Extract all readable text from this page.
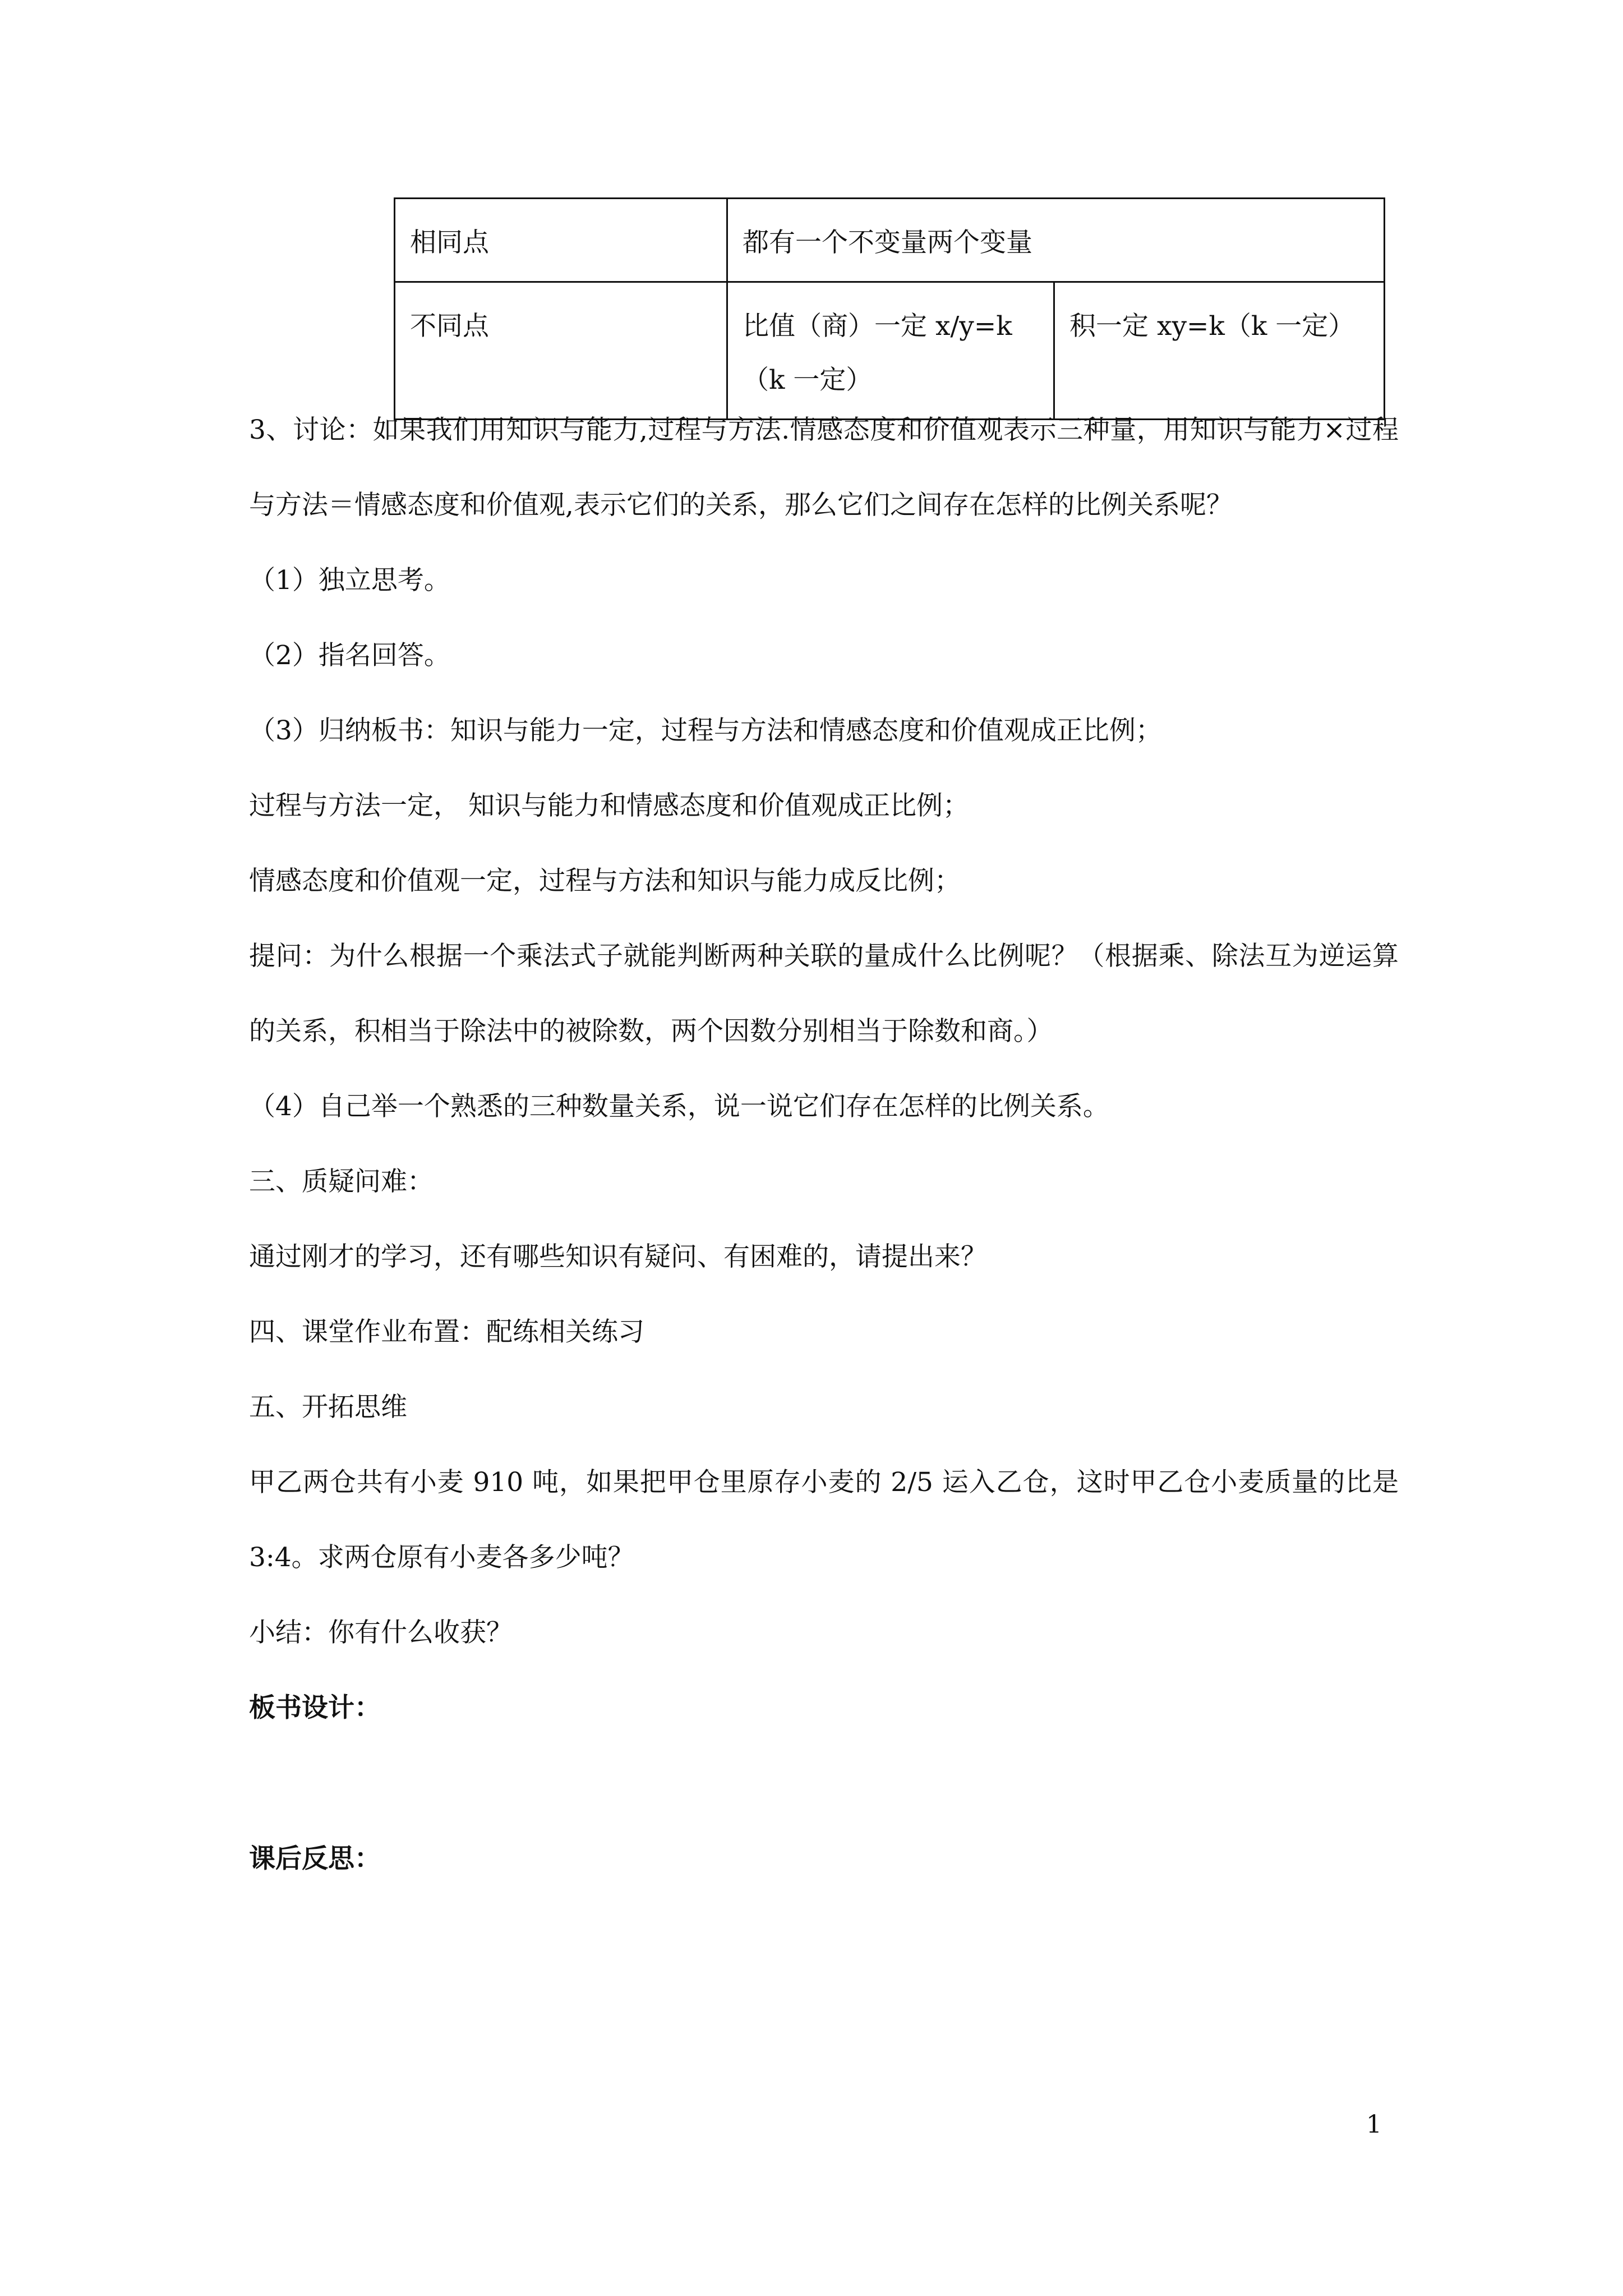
相同点	都有一个不变量两个变量	
不同点	比值（商）一定 x/y=k（k 一定）	积一定 xy=k（k 一定）
3、讨论：如果我们用知识与能力,过程与方法.情感态度和价值观表示三种量，用知识与能力×过程与方法＝情感态度和价值观,表示它们的关系，那么它们之间存在怎样的比例关系呢？
（1）独立思考。
（2）指名回答。
（3）归纳板书：知识与能力一定，过程与方法和情感态度和价值观成正比例；
过程与方法一定， 知识与能力和情感态度和价值观成正比例；
情感态度和价值观一定，过程与方法和知识与能力成反比例；
提问：为什么根据一个乘法式子就能判断两种关联的量成什么比例呢？（根据乘、除法互为逆运算的关系，积相当于除法中的被除数，两个因数分别相当于除数和商。）
（4）自己举一个熟悉的三种数量关系，说一说它们存在怎样的比例关系。
三、质疑问难：
通过刚才的学习，还有哪些知识有疑问、有困难的，请提出来？
四、课堂作业布置：配练相关练习
五、开拓思维
甲乙两仓共有小麦 910 吨，如果把甲仓里原存小麦的 2/5 运入乙仓，这时甲乙仓小麦质量的比是 3:4。求两仓原有小麦各多少吨？
小结：你有什么收获？
板书设计：
课后反思：
1
